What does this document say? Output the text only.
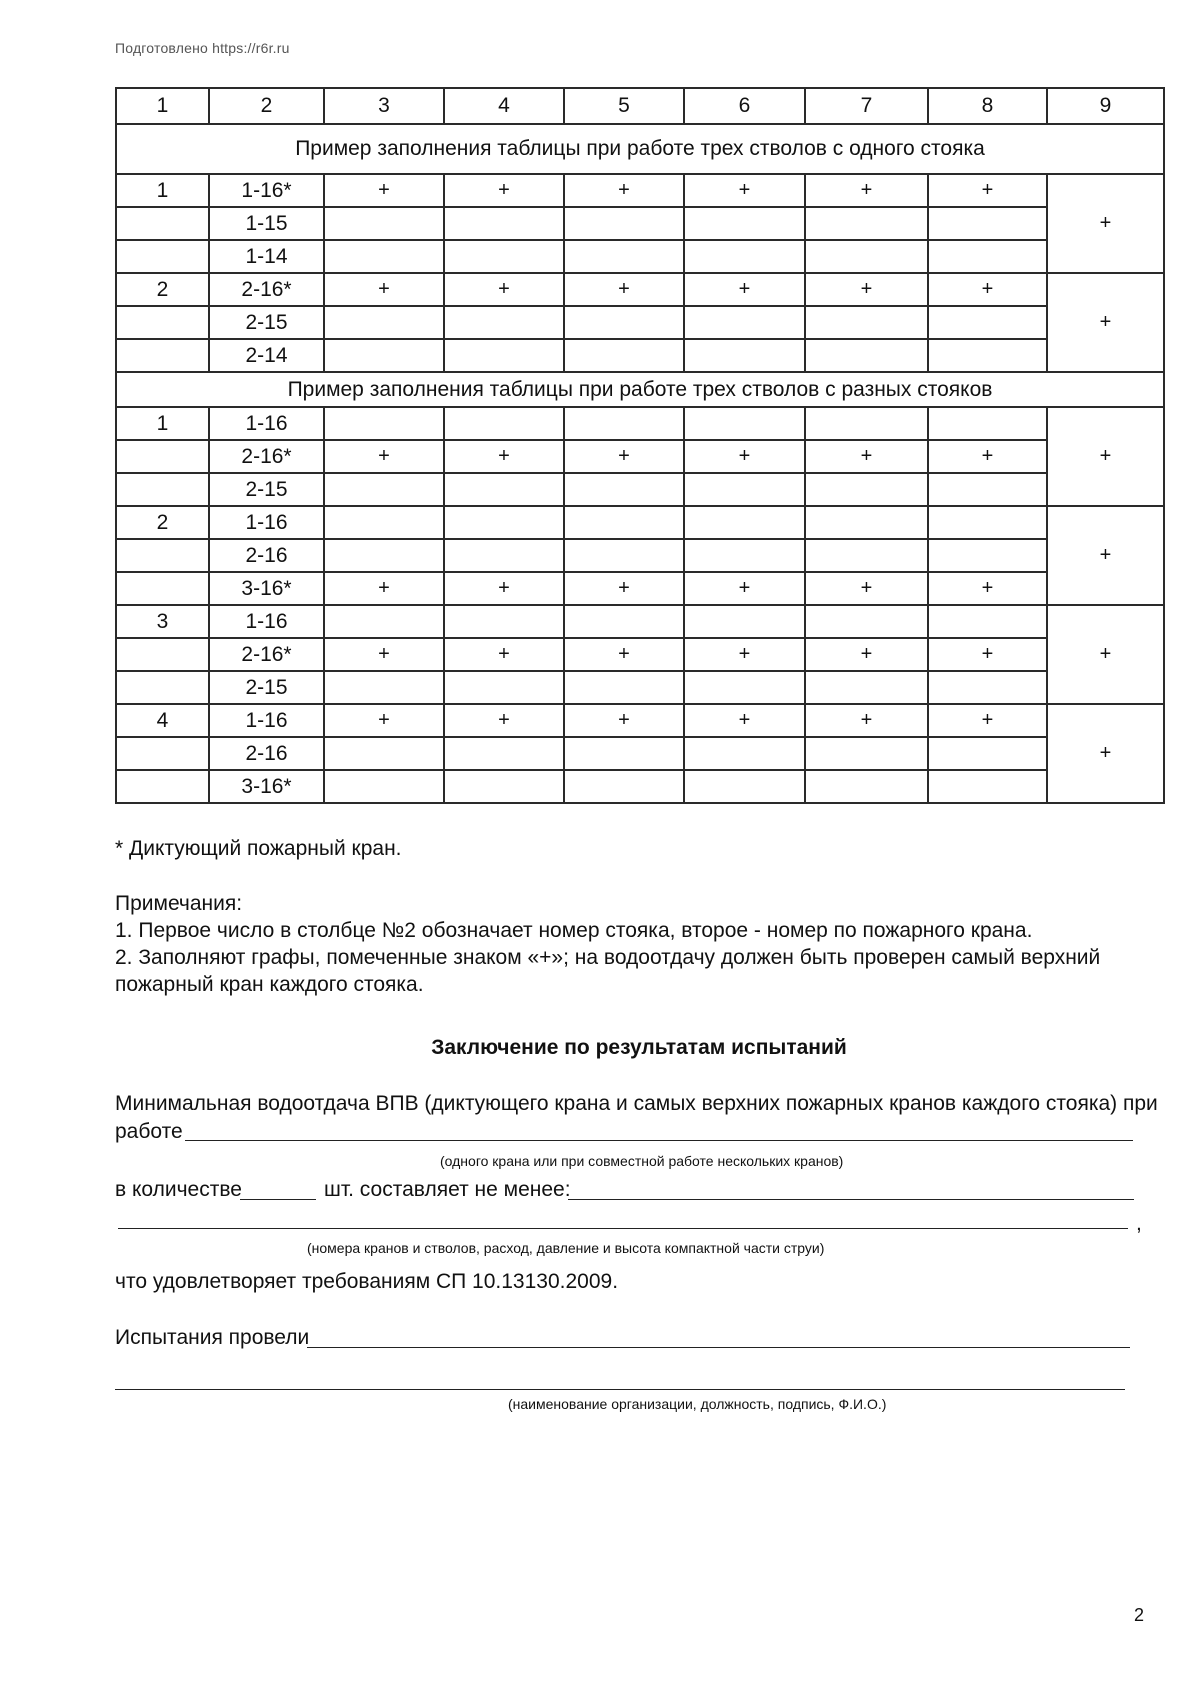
Подготовлено https://r6r.ru
1	2	3	4	5	6	7	8	9
Пример заполнения таблицы при работе трех стволов с одного стояка								
1	1-16*	+	+	+	+	+	+	+
	1-15							
	1-14							
2	2-16*	+	+	+	+	+	+	+
	2-15							
	2-14							
Пример заполнения таблицы при работе трех стволов с разных стояков								
1	1-16							+
	2-16*	+	+	+	+	+	+	
	2-15							
2	1-16							+
	2-16							
	3-16*	+	+	+	+	+	+	
3	1-16							+
	2-16*	+	+	+	+	+	+	
	2-15							
4	1-16	+	+	+	+	+	+	+
	2-16							
	3-16*							
* Диктующий пожарный кран.
Примечания:
1. Первое число в столбце №2 обозначает номер стояка, второе - номер по пожарного крана.
2. Заполняют графы, помеченные знаком «+»; на водоотдачу должен быть проверен самый верхний
пожарный кран каждого стояка.
Заключение по результатам испытаний
Минимальная водоотдача ВПВ (диктующего крана и самых верхних пожарных кранов каждого стояка) при
работе
(одного крана или при совместной работе нескольких кранов)
в количестве	шт. составляет не менее:
,
(номера кранов и стволов, расход, давление и высота компактной части струи)
что удовлетворяет требованиям СП 10.13130.2009.
Испытания провели
(наименование организации, должность, подпись, Ф.И.О.)
2
